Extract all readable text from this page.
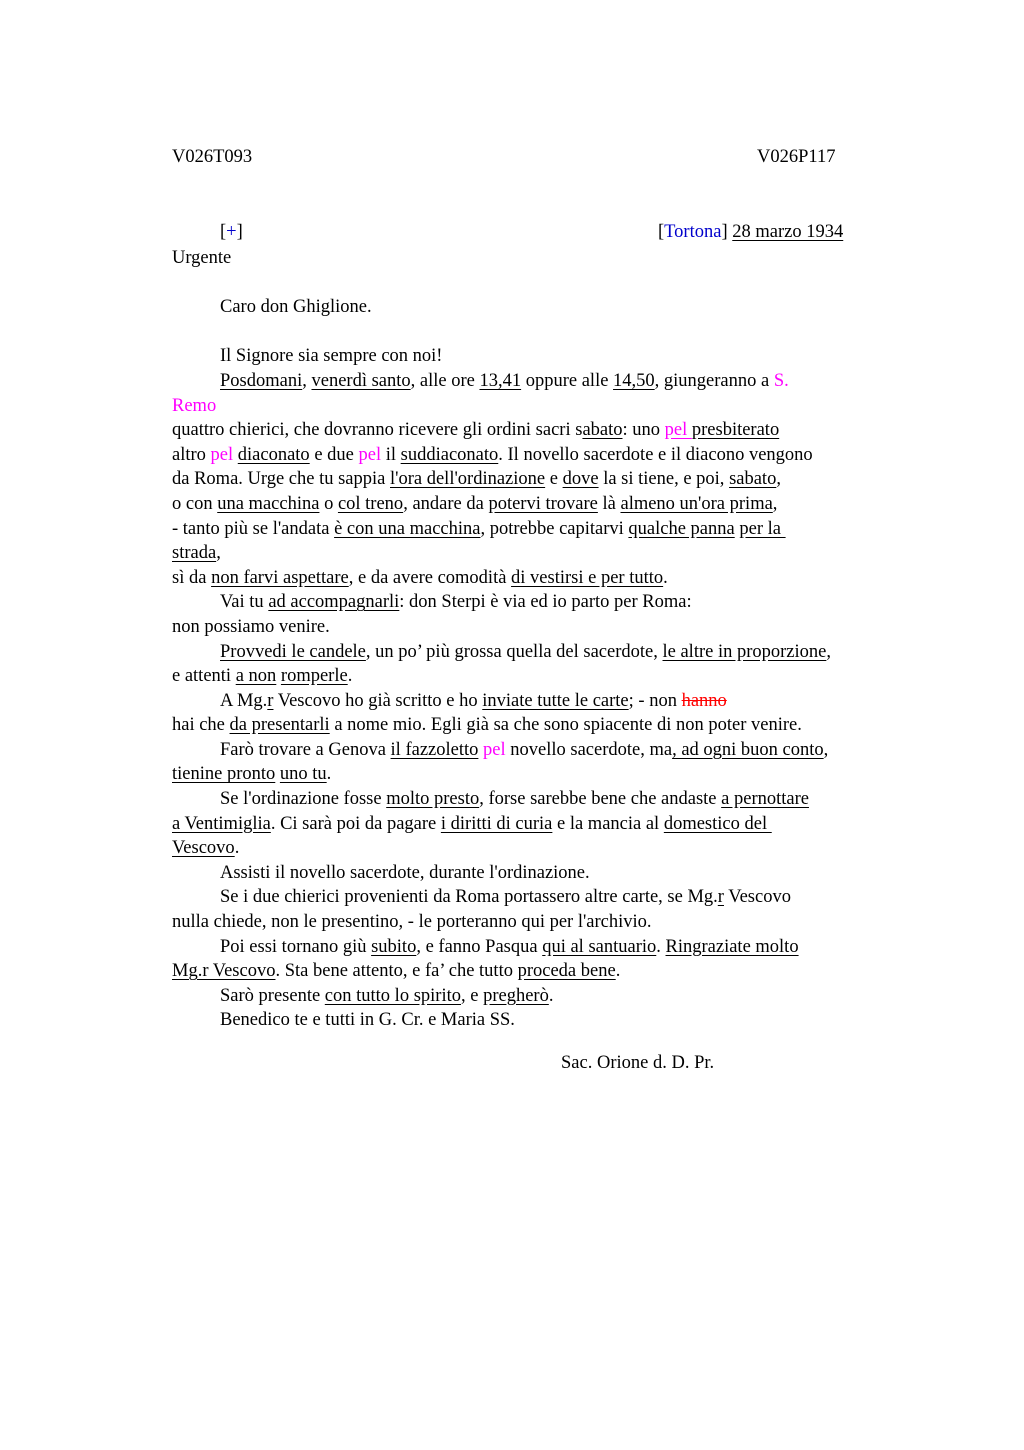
V026T093	V026P117
[+]	[Tortona] 28 marzo 1934
Urgente
Caro don Ghiglione.
Il Signore sia sempre con noi!
Posdomani, venerdì santo, alle ore 13,41 oppure alle 14,50, giungeranno a S.
Remo
quattro chierici, che dovranno ricevere gli ordini sacri sabato: uno pel presbiterato
altro pel diaconato e due pel il suddiaconato. Il novello sacerdote e il diacono vengono
da Roma. Urge che tu sappia l'ora dell'ordinazione e dove la si tiene, e poi, sabato,
o con una macchina o col treno, andare da potervi trovare là almeno un'ora prima,
- tanto più se l'andata è con una macchina, potrebbe capitarvi qualche panna per la
strada,
sì da non farvi aspettare, e da avere comodità di vestirsi e per tutto.
Vai tu ad accompagnarli: don Sterpi è via ed io parto per Roma:
non possiamo venire.
Provvedi le candele, un po’ più grossa quella del sacerdote, le altre in proporzione,
e attenti a non romperle.
A Mg.r Vescovo ho già scritto e ho inviate tutte le carte; - non hanno
hai che da presentarli a nome mio. Egli già sa che sono spiacente di non poter venire.
Farò trovare a Genova il fazzoletto pel novello sacerdote, ma, ad ogni buon conto,
tienine pronto uno tu.
Se l'ordinazione fosse molto presto, forse sarebbe bene che andaste a pernottare
a Ventimiglia. Ci sarà poi da pagare i diritti di curia e la mancia al domestico del
Vescovo.
Assisti il novello sacerdote, durante l'ordinazione.
Se i due chierici provenienti da Roma portassero altre carte, se Mg.r Vescovo
nulla chiede, non le presentino, - le porteranno qui per l'archivio.
Poi essi tornano giù subito, e fanno Pasqua qui al santuario. Ringraziate molto
Mg.r Vescovo. Sta bene attento, e fa’ che tutto proceda bene.
Sarò presente con tutto lo spirito, e pregherò.
Benedico te e tutti in G. Cr. e Maria SS.
Sac. Orione d. D. Pr.
